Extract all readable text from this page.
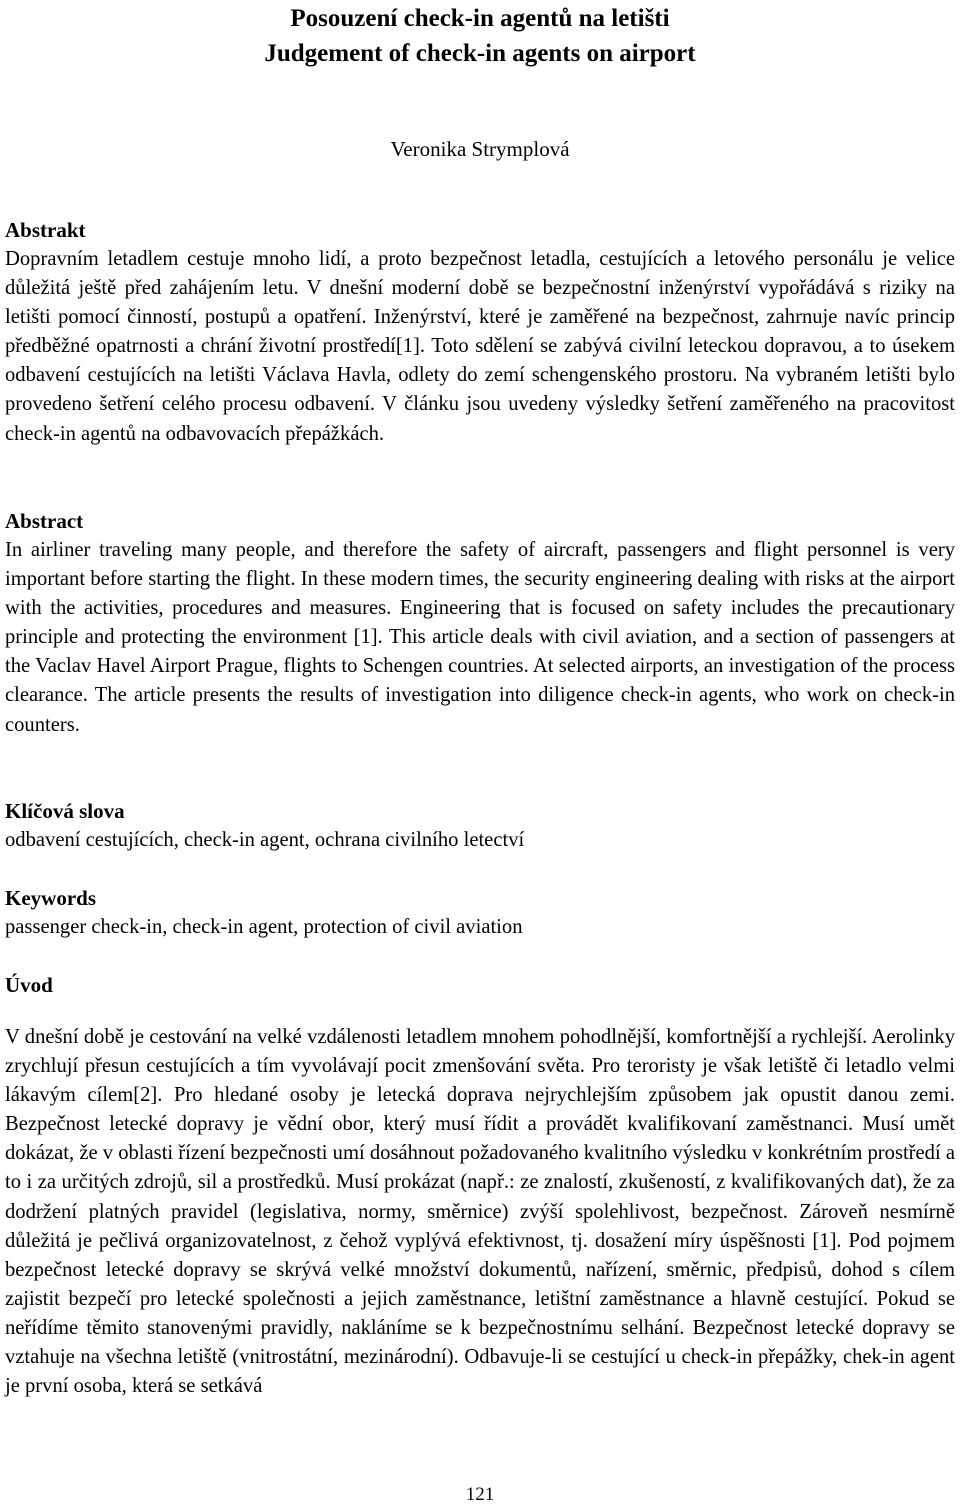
Posouzení check-in agentů na letišti
Judgement of check-in agents on airport
Veronika Strymplová
Abstrakt

Dopravním letadlem cestuje mnoho lidí, a proto bezpečnost letadla, cestujících a letového personálu je velice důležitá ještě před zahájením letu. V dnešní moderní době se bezpečnostní inženýrství vypořádává s riziky na letišti pomocí činností, postupů a opatření. Inženýrství, které je zaměřené na bezpečnost, zahrnuje navíc princip předběžné opatrnosti a chrání životní prostředí[1]. Toto sdělení se zabývá civilní leteckou dopravou, a to úsekem odbavení cestujících na letišti Václava Havla, odlety do zemí schengenského prostoru. Na vybraném letišti bylo provedeno šetření celého procesu odbavení. V článku jsou uvedeny výsledky šetření zaměřeného na pracovitost check-in agentů na odbavovacích přepážkách.

Abstract

In airliner traveling many people, and therefore the safety of aircraft, passengers and flight personnel is very important before starting the flight. In these modern times, the security engineering dealing with risks at the airport with the activities, procedures and measures. Engineering that is focused on safety includes the precautionary principle and protecting the environment [1]. This article deals with civil aviation, and a section of passengers at the Vaclav Havel Airport Prague, flights to Schengen countries. At selected airports, an investigation of the process clearance. The article presents the results of investigation into diligence check-in agents, who work on check-in counters.

Klíčová slova

odbavení cestujících, check-in agent, ochrana civilního letectví

Keywords

passenger check-in, check-in agent, protection of civil aviation

Úvod

V dnešní době je cestování na velké vzdálenosti letadlem mnohem pohodlnější, komfortnější a rychlejší. Aerolinky zrychlují přesun cestujících a tím vyvolávají pocit zmenšování světa. Pro teroristy je však letiště či letadlo velmi lákavým cílem[2]. Pro hledané osoby je letecká doprava nejrychlejším způsobem jak opustit danou zemi. Bezpečnost letecké dopravy je vědní obor, který musí řídit a provádět kvalifikovaní zaměstnanci. Musí umět dokázat, že v oblasti řízení bezpečnosti umí dosáhnout požadovaného kvalitního výsledku v konkrétním prostředí a to i za určitých zdrojů, sil a prostředků. Musí prokázat (např.: ze znalostí, zkušeností, z kvalifikovaných dat), že za dodržení platných pravidel (legislativa, normy, směrnice) zvýší spolehlivost, bezpečnost. Zároveň nesmírně důležitá je pečlivá organizovatelnost, z čehož vyplývá efektivnost, tj. dosažení míry úspěšnosti [1]. Pod pojmem bezpečnost letecké dopravy se skrývá velké množství dokumentů, nařízení, směrnic, předpisů, dohod s cílem zajistit bezpečí pro letecké společnosti a jejich zaměstnance, letištní zaměstnance a hlavně cestující. Pokud se neřídíme těmito stanovenými pravidly, nakláníme se k bezpečnostnímu selhání. Bezpečnost letecké dopravy se vztahuje na všechna letiště (vnitrostátní, mezinárodní). Odbavuje-li se cestující u check-in přepážky, chek-in agent je první osoba, která se setkává

121
